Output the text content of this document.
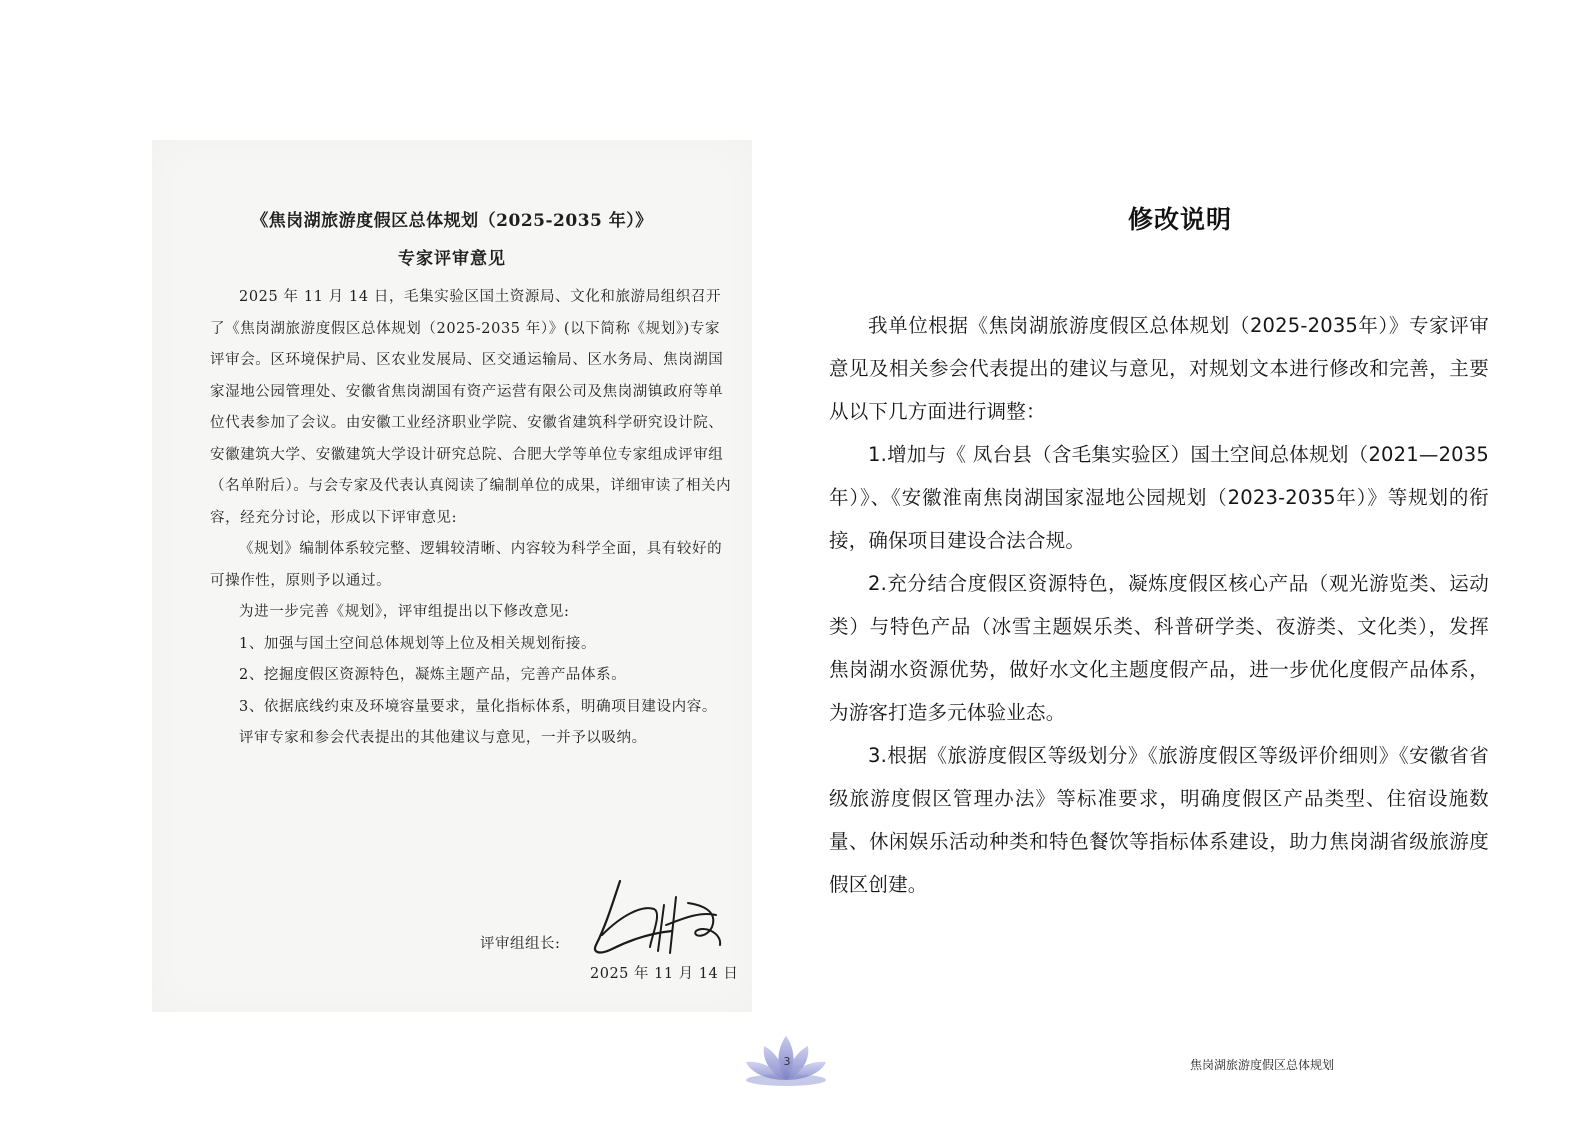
《焦岗湖旅游度假区总体规划（2025-2035 年）》
专家评审意见

2025 年 11 月 14 日，毛集实验区国土资源局、文化和旅游局组织召开了《焦岗湖旅游度假区总体规划（2025-2035 年）》(以下简称《规划》)专家评审会。区环境保护局、区农业发展局、区交通运输局、区水务局、焦岗湖国家湿地公园管理处、安徽省焦岗湖国有资产运营有限公司及焦岗湖镇政府等单位代表参加了会议。由安徽工业经济职业学院、安徽省建筑科学研究设计院、安徽建筑大学、安徽建筑大学设计研究总院、合肥大学等单位专家组成评审组（名单附后）。与会专家及代表认真阅读了编制单位的成果，详细审读了相关内容，经充分讨论，形成以下评审意见:

《规划》编制体系较完整、逻辑较清晰、内容较为科学全面，具有较好的可操作性，原则予以通过。

为进一步完善《规划》，评审组提出以下修改意见:

1、加强与国土空间总体规划等上位及相关规划衔接。

2、挖掘度假区资源特色，凝炼主题产品，完善产品体系。

3、依据底线约束及环境容量要求，量化指标体系，明确项目建设内容。

评审专家和参会代表提出的其他建议与意见，一并予以吸纳。

评审组组长:
2025 年 11 月 14 日
修改说明

我单位根据《焦岗湖旅游度假区总体规划（2025-2035年）》专家评审意见及相关参会代表提出的建议与意见，对规划文本进行修改和完善，主要从以下几方面进行调整：

1.增加与《 凤台县（含毛集实验区）国土空间总体规划（2021—2035 年）》、《安徽淮南焦岗湖国家湿地公园规划（2023-2035年）》等规划的衔接，确保项目建设合法合规。

2.充分结合度假区资源特色，凝炼度假区核心产品（观光游览类、运动类）与特色产品（冰雪主题娱乐类、科普研学类、夜游类、文化类），发挥焦岗湖水资源优势，做好水文化主题度假产品，进一步优化度假产品体系，为游客打造多元体验业态。

3.根据《旅游度假区等级划分》《旅游度假区等级评价细则》《安徽省省级旅游度假区管理办法》等标准要求，明确度假区产品类型、住宿设施数量、休闲娱乐活动种类和特色餐饮等指标体系建设，助力焦岗湖省级旅游度假区创建。

3	焦岗湖旅游度假区总体规划
